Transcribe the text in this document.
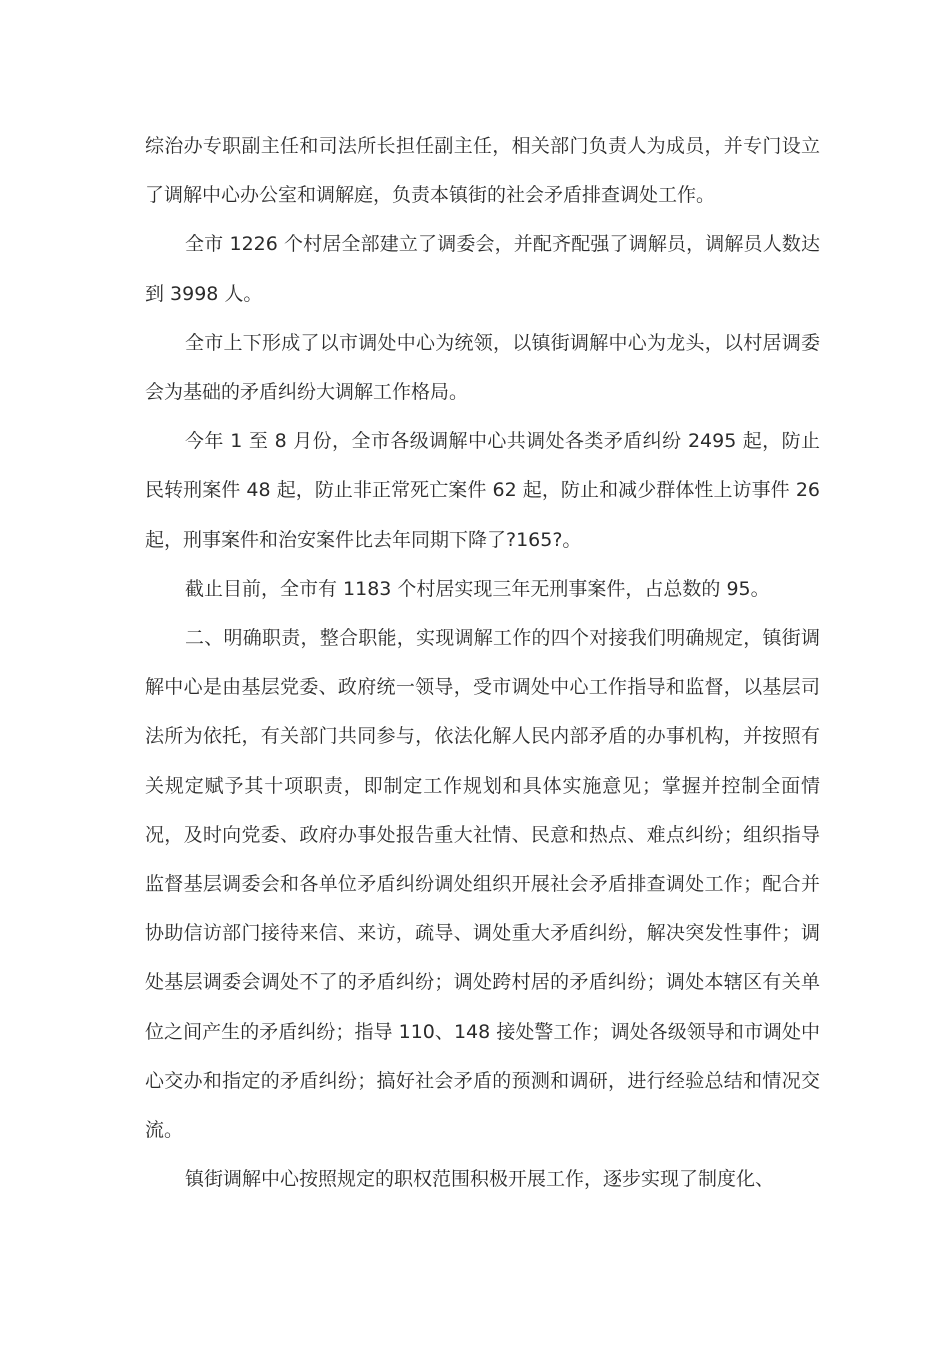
综治办专职副主任和司法所长担任副主任，相关部门负责人为成员，并专门设立了调解中心办公室和调解庭，负责本镇街的社会矛盾排查调处工作。

全市 1226 个村居全部建立了调委会，并配齐配强了调解员，调解员人数达到 3998 人。

全市上下形成了以市调处中心为统领，以镇街调解中心为龙头，以村居调委会为基础的矛盾纠纷大调解工作格局。

今年 1 至 8 月份，全市各级调解中心共调处各类矛盾纠纷 2495 起，防止民转刑案件 48 起，防止非正常死亡案件 62 起，防止和减少群体性上访事件 26 起，刑事案件和治安案件比去年同期下降了?165?。

截止目前，全市有 1183 个村居实现三年无刑事案件，占总数的 95。

二、明确职责，整合职能，实现调解工作的四个对接我们明确规定，镇街调解中心是由基层党委、政府统一领导，受市调处中心工作指导和监督，以基层司法所为依托，有关部门共同参与，依法化解人民内部矛盾的办事机构，并按照有关规定赋予其十项职责，即制定工作规划和具体实施意见；掌握并控制全面情况，及时向党委、政府办事处报告重大社情、民意和热点、难点纠纷；组织指导监督基层调委会和各单位矛盾纠纷调处组织开展社会矛盾排查调处工作；配合并协助信访部门接待来信、来访，疏导、调处重大矛盾纠纷，解决突发性事件；调处基层调委会调处不了的矛盾纠纷；调处跨村居的矛盾纠纷；调处本辖区有关单位之间产生的矛盾纠纷；指导 110、148 接处警工作；调处各级领导和市调处中心交办和指定的矛盾纠纷；搞好社会矛盾的预测和调研，进行经验总结和情况交流。

镇街调解中心按照规定的职权范围积极开展工作，逐步实现了制度化、
